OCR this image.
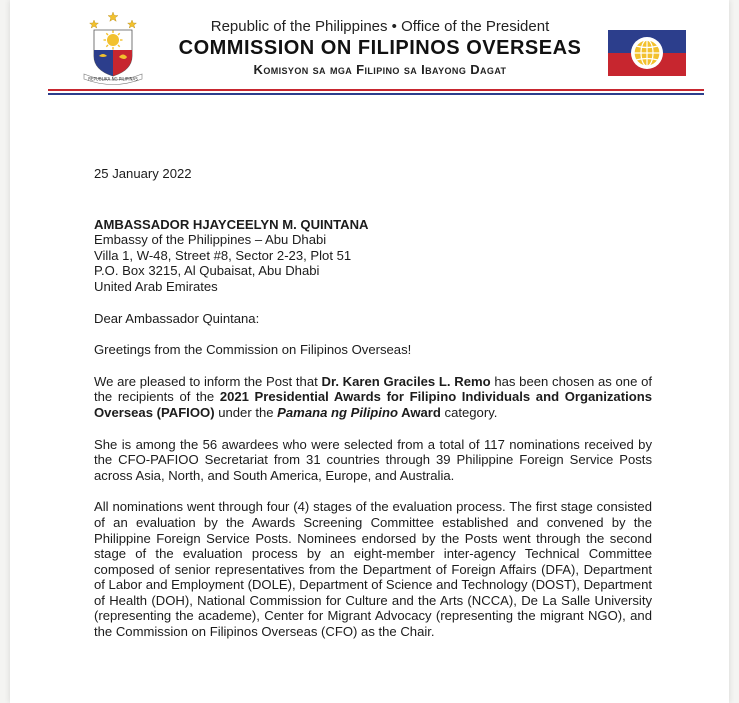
REPUBLIKA NG PILIPINAS
Republic of the Philippines • Office of the President
COMMISSION ON FILIPINOS OVERSEAS
Komisyon sa mga Filipino sa Ibayong Dagat

25 January 2022

AMBASSADOR HJAYCEELYN M. QUINTANA
Embassy of the Philippines – Abu Dhabi
Villa 1, W-48, Street #8, Sector 2-23, Plot 51
P.O. Box 3215, Al Qubaisat, Abu Dhabi
United Arab Emirates

Dear Ambassador Quintana:

Greetings from the Commission on Filipinos Overseas!

We are pleased to inform the Post that Dr. Karen Graciles L. Remo has been chosen as one of the recipients of the 2021 Presidential Awards for Filipino Individuals and Organizations Overseas (PAFIOO) under the Pamana ng Pilipino Award category.

She is among the 56 awardees who were selected from a total of 117 nominations received by the CFO-PAFIOO Secretariat from 31 countries through 39 Philippine Foreign Service Posts across Asia, North, and South America, Europe, and Australia.

All nominations went through four (4) stages of the evaluation process. The first stage consisted of an evaluation by the Awards Screening Committee established and convened by the Philippine Foreign Service Posts. Nominees endorsed by the Posts went through the second stage of the evaluation process by an eight-member inter-agency Technical Committee composed of senior representatives from the Department of Foreign Affairs (DFA), Department of Labor and Employment (DOLE), Department of Science and Technology (DOST), Department of Health (DOH), National Commission for Culture and the Arts (NCCA), De La Salle University (representing the academe), Center for Migrant Advocacy (representing the migrant NGO), and the Commission on Filipinos Overseas (CFO) as the Chair.
